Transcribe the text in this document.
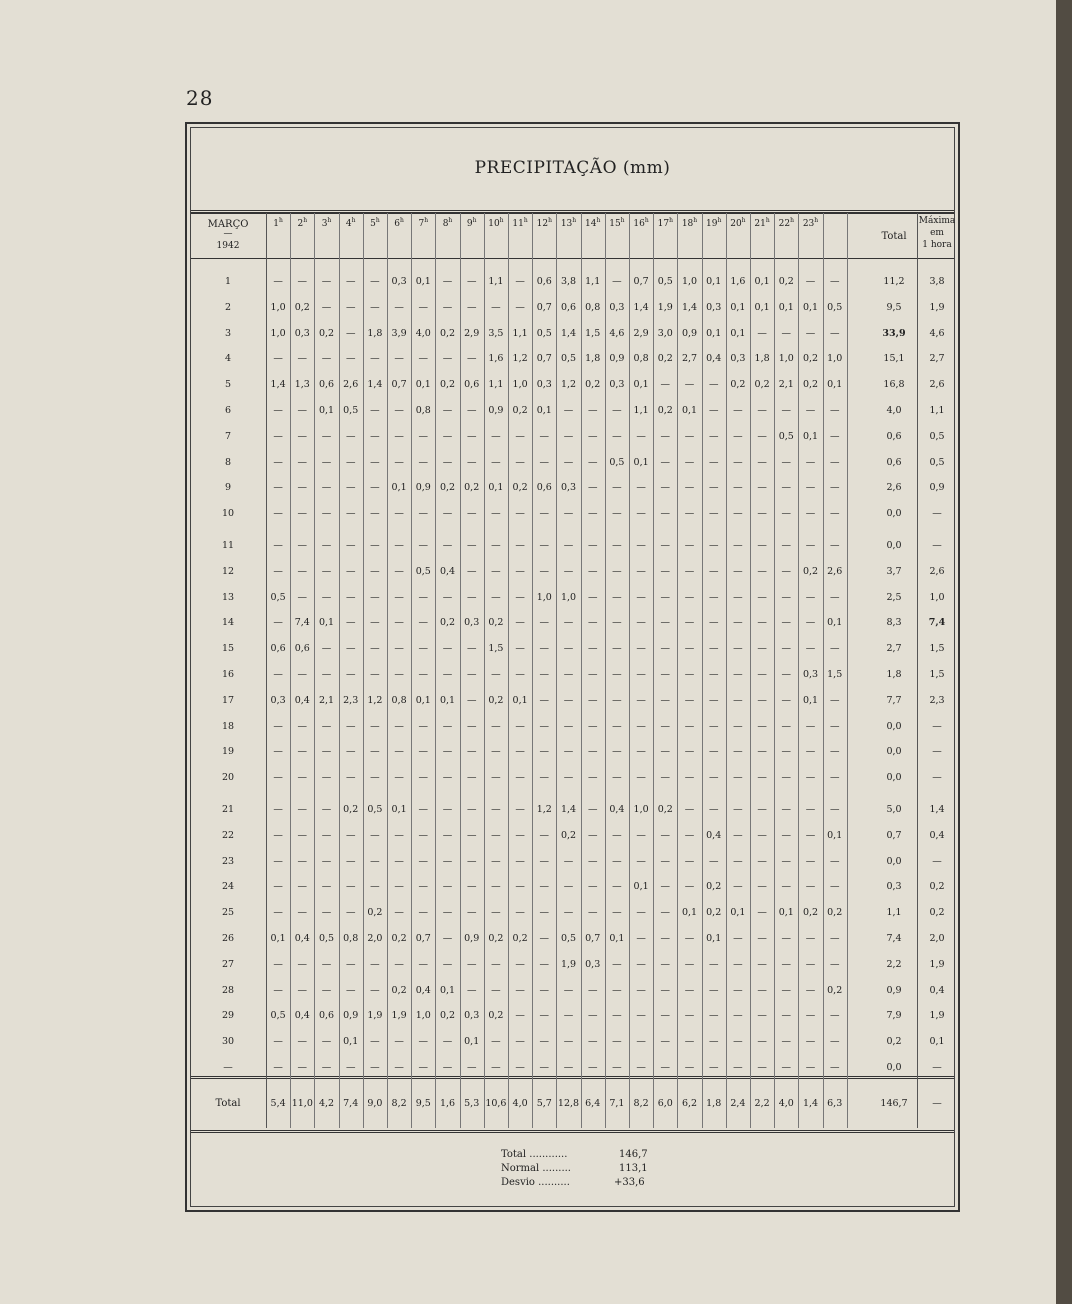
28
PRECIPITAÇÃO (mm)
MARÇO
—
1942
1$^h$ 2$^h$ 3$^h$ 4$^h$ 5$^h$ 6$^h$ 7$^h$ 8$^h$ 9$^h$ 10$^h$ 11$^h$ 12$^h$ 13$^h$ 14$^h$ 15$^h$ 16$^h$ 17$^h$ 18$^h$ 19$^h$ 20$^h$ 21$^h$ 22$^h$ 23$^h$
Total
Máxima
em
1 hora
1	— — — — — 0,3 0,1 — — 1,1 — 0,6 3,8 1,1 — 0,7 0,5 1,0 0,1 1,6 0,1 0,2 — —	11,2	3,8
2	1,0 0,2 — — — — — — — — — 0,7 0,6 0,8 0,3 1,4 1,9 1,4 0,3 0,1 0,1 0,1 0,1 0,5	9,5	1,9
3	1,0 0,3 0,2 — 1,8 3,9 4,0 0,2 2,9 3,5 1,1 0,5 1,4 1,5 4,6 2,9 3,0 0,9 0,1 0,1 — — — —	33,9	4,6
4	— — — — — — — — — 1,6 1,2 0,7 0,5 1,8 0,9 0,8 0,2 2,7 0,4 0,3 1,8 1,0 0,2 1,0	15,1	2,7
5	1,4 1,3 0,6 2,6 1,4 0,7 0,1 0,2 0,6 1,1 1,0 0,3 1,2 0,2 0,3 0,1 — — — 0,2 0,2 2,1 0,2 0,1	16,8	2,6
6	— — 0,1 0,5 — — 0,8 — — 0,9 0,2 0,1 — — — 1,1 0,2 0,1 — — — — — —	4,0	1,1
7	— — — — — — — — — — — — — — — — — — — — — 0,5 0,1 —	0,6	0,5
8	— — — — — — — — — — — — — — 0,5 0,1 — — — — — — — —	0,6	0,5
9	— — — — — 0,1 0,9 0,2 0,2 0,1 0,2 0,6 0,3 — — — — — — — — — — —	2,6	0,9
10	— — — — — — — — — — — — — — — — — — — — — — — —	0,0	—
11	— — — — — — — — — — — — — — — — — — — — — — — —	0,0	—
12	— — — — — — 0,5 0,4 — — — — — — — — — — — — — — 0,2 2,6	3,7	2,6
13	0,5 — — — — — — — — — — 1,0 1,0 — — — — — — — — — — —	2,5	1,0
14	— 7,4 0,1 — — — — 0,2 0,3 0,2 — — — — — — — — — — — — — 0,1	8,3	7,4
15	0,6 0,6 — — — — — — — 1,5 — — — — — — — — — — — — — —	2,7	1,5
16	— — — — — — — — — — — — — — — — — — — — — — 0,3 1,5	1,8	1,5
17	0,3 0,4 2,1 2,3 1,2 0,8 0,1 0,1 — 0,2 0,1 — — — — — — — — — — — 0,1 —	7,7	2,3
18	— — — — — — — — — — — — — — — — — — — — — — — —	0,0	—
19	— — — — — — — — — — — — — — — — — — — — — — — —	0,0	—
20	— — — — — — — — — — — — — — — — — — — — — — — —	0,0	—
21	— — — 0,2 0,5 0,1 — — — — — 1,2 1,4 — 0,4 1,0 0,2 — — — — — — —	5,0	1,4
22	— — — — — — — — — — — — 0,2 — — — — — 0,4 — — — — 0,1	0,7	0,4
23	— — — — — — — — — — — — — — — — — — — — — — — —	0,0	—
24	— — — — — — — — — — — — — — — 0,1 — — 0,2 — — — — —	0,3	0,2
25	— — — — 0,2 — — — — — — — — — — — — 0,1 0,2 0,1 — 0,1 0,2 0,2	1,1	0,2
26	0,1 0,4 0,5 0,8 2,0 0,2 0,7 — 0,9 0,2 0,2 — 0,5 0,7 0,1 — — — 0,1 — — — — —	7,4	2,0
27	— — — — — — — — — — — — 1,9 0,3 — — — — — — — — — —	2,2	1,9
28	— — — — — 0,2 0,4 0,1 — — — — — — — — — — — — — — — 0,2	0,9	0,4
29	0,5 0,4 0,6 0,9 1,9 1,9 1,0 0,2 0,3 0,2 — — — — — — — — — — — — — —	7,9	1,9
30	— — — 0,1 — — — — 0,1 — — — — — — — — — — — — — — —	0,2	0,1
—	— — — — — — — — — — — — — — — — — — — — — — — —	0,0	—
Total	5,4 11,0 4,2 7,4 9,0 8,2 9,5 1,6 5,3 10,6 4,0 5,7 12,8 6,4 7,1 8,2 6,0 6,2 1,8 2,4 2,2 4,0 1,4 6,3	146,7	—
Total ............	146,7
Normal .........	113,1
Desvio ..........	+33,6
